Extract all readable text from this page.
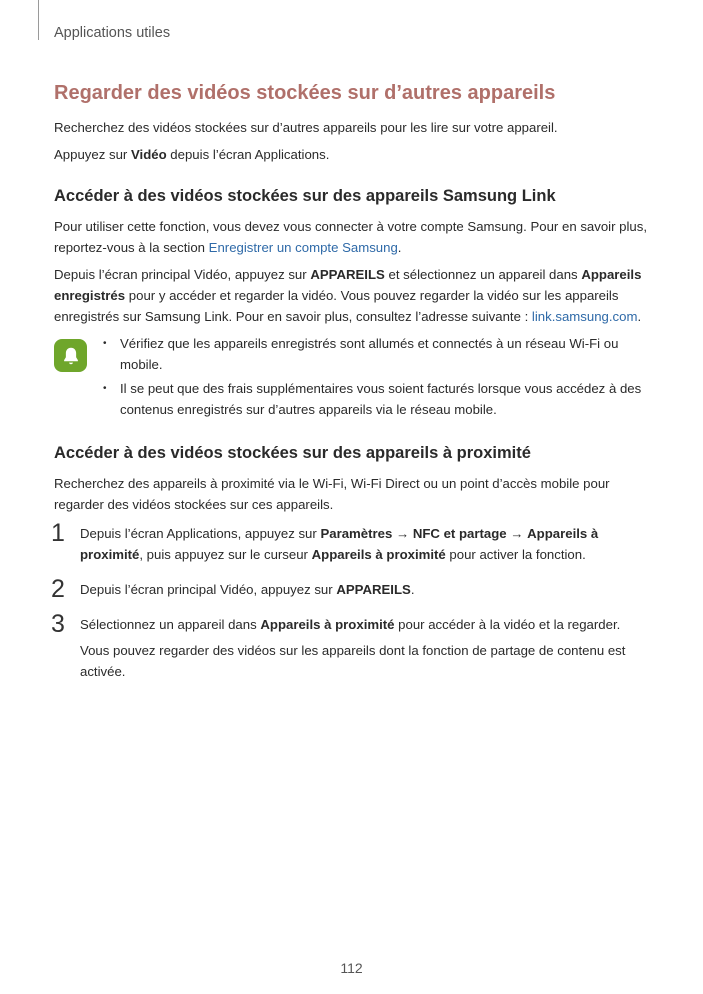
Applications utiles
Regarder des vidéos stockées sur d’autres appareils

Recherchez des vidéos stockées sur d’autres appareils pour les lire sur votre appareil.

Appuyez sur Vidéo depuis l’écran Applications.

Accéder à des vidéos stockées sur des appareils Samsung Link

Pour utiliser cette fonction, vous devez vous connecter à votre compte Samsung. Pour en savoir plus, reportez-vous à la section Enregistrer un compte Samsung.

Depuis l’écran principal Vidéo, appuyez sur APPAREILS et sélectionnez un appareil dans Appareils enregistrés pour y accéder et regarder la vidéo. Vous pouvez regarder la vidéo sur les appareils enregistrés sur Samsung Link. Pour en savoir plus, consultez l’adresse suivante : link.samsung.com.

• Vérifiez que les appareils enregistrés sont allumés et connectés à un réseau Wi-Fi ou mobile.
• Il se peut que des frais supplémentaires vous soient facturés lorsque vous accédez à des contenus enregistrés sur d’autres appareils via le réseau mobile.
Accéder à des vidéos stockées sur des appareils à proximité

Recherchez des appareils à proximité via le Wi-Fi, Wi-Fi Direct ou un point d’accès mobile pour regarder des vidéos stockées sur ces appareils.

1 Depuis l’écran Applications, appuyez sur Paramètres → NFC et partage → Appareils à proximité, puis appuyez sur le curseur Appareils à proximité pour activer la fonction.

2 Depuis l’écran principal Vidéo, appuyez sur APPAREILS.

3 Sélectionnez un appareil dans Appareils à proximité pour accéder à la vidéo et la regarder.

Vous pouvez regarder des vidéos sur les appareils dont la fonction de partage de contenu est activée.

112
